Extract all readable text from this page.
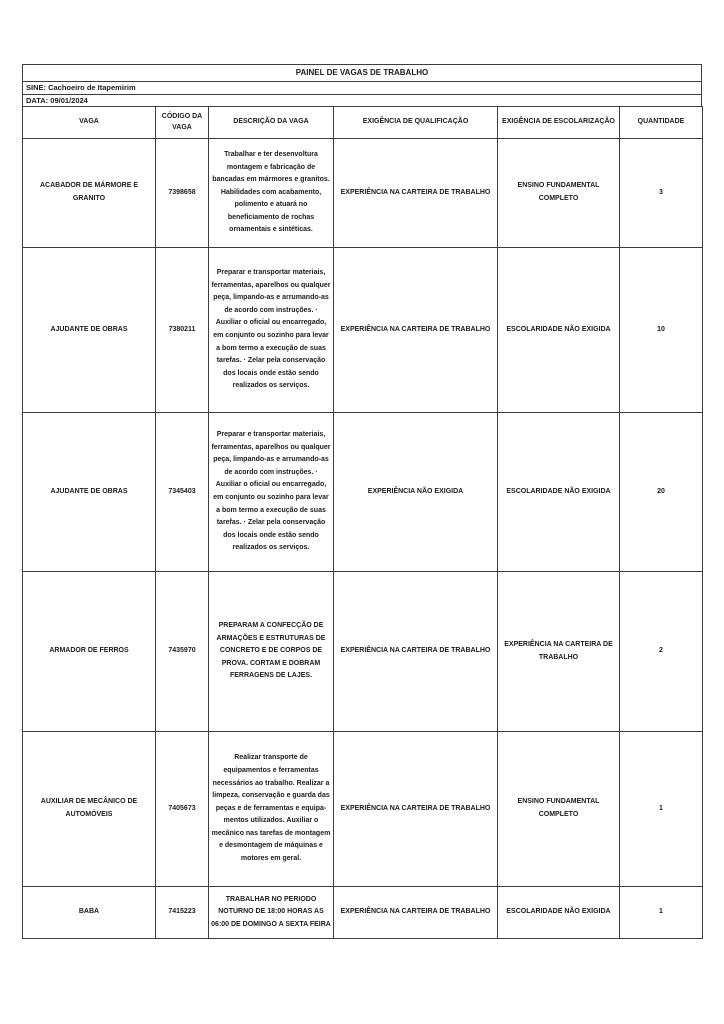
PAINEL DE VAGAS DE TRABALHO
SINE: Cachoeiro de Itapemirim
DATA: 09/01/2024
VAGA	CÓDIGO DA VAGA	DESCRIÇÃO DA VAGA	EXIGÊNCIA DE QUALIFICAÇÃO	EXIGÊNCIA DE ESCOLARIZAÇÃO	QUANTIDADE
ACABADOR DE MÁRMORE E GRANITO	7398658	Trabalhar e ter desenvoltura montagem e fabricação de bancadas em mármores e granitos. Habilidades com acabamento, polimento e atuará no beneficiamento de rochas ornamentais e sintéticas.	EXPERIÊNCIA NA CARTEIRA DE TRABALHO	ENSINO FUNDAMENTAL COMPLETO	3
AJUDANTE DE OBRAS	7380211	Preparar e transportar materiais, ferramentas, aparelhos ou qualquer peça, limpando-as e arrumando-as de acordo com instruções. · Auxiliar o oficial ou encarregado, em conjunto ou sozinho para levar a bom termo a execução de suas tarefas. · Zelar pela conservação dos locais onde estão sendo realizados os serviços.	EXPERIÊNCIA NA CARTEIRA DE TRABALHO	ESCOLARIDADE NÃO EXIGIDA	10
AJUDANTE DE OBRAS	7345403	Preparar e transportar materiais, ferramentas, aparelhos ou qualquer peça, limpando-as e arrumando-as de acordo com instruções. · Auxiliar o oficial ou encarregado, em conjunto ou sozinho para levar a bom termo a execução de suas tarefas. · Zelar pela conservação dos locais onde estão sendo realizados os serviços.	EXPERIÊNCIA NÃO EXIGIDA	ESCOLARIDADE NÃO EXIGIDA	20
ARMADOR DE FERROS	7435970	PREPARAM A CONFECÇÃO DE ARMAÇÕES E ESTRUTURAS DE CONCRETO E DE CORPOS DE PROVA. CORTAM E DOBRAM FERRAGENS DE LAJES.	EXPERIÊNCIA NA CARTEIRA DE TRABALHO	EXPERIÊNCIA NA CARTEIRA DE TRABALHO	2
AUXILIAR DE MECÂNICO DE AUTOMÓVEIS	7405673	Realizar transporte de equipamentos e ferramentas necessários ao trabalho. Realizar a limpeza, conservação e guarda das peças e de ferramentas e equipa-mentos utilizados. Auxiliar o mecânico nas tarefas de montagem e desmontagem de máquinas e motores em geral.	EXPERIÊNCIA NA CARTEIRA DE TRABALHO	ENSINO FUNDAMENTAL COMPLETO	1
BABA	7415223	TRABALHAR NO PERIODO NOTURNO DE 18:00 HORAS AS 06:00 DE DOMINGO A SEXTA FEIRA	EXPERIÊNCIA NA CARTEIRA DE TRABALHO	ESCOLARIDADE NÃO EXIGIDA	1
